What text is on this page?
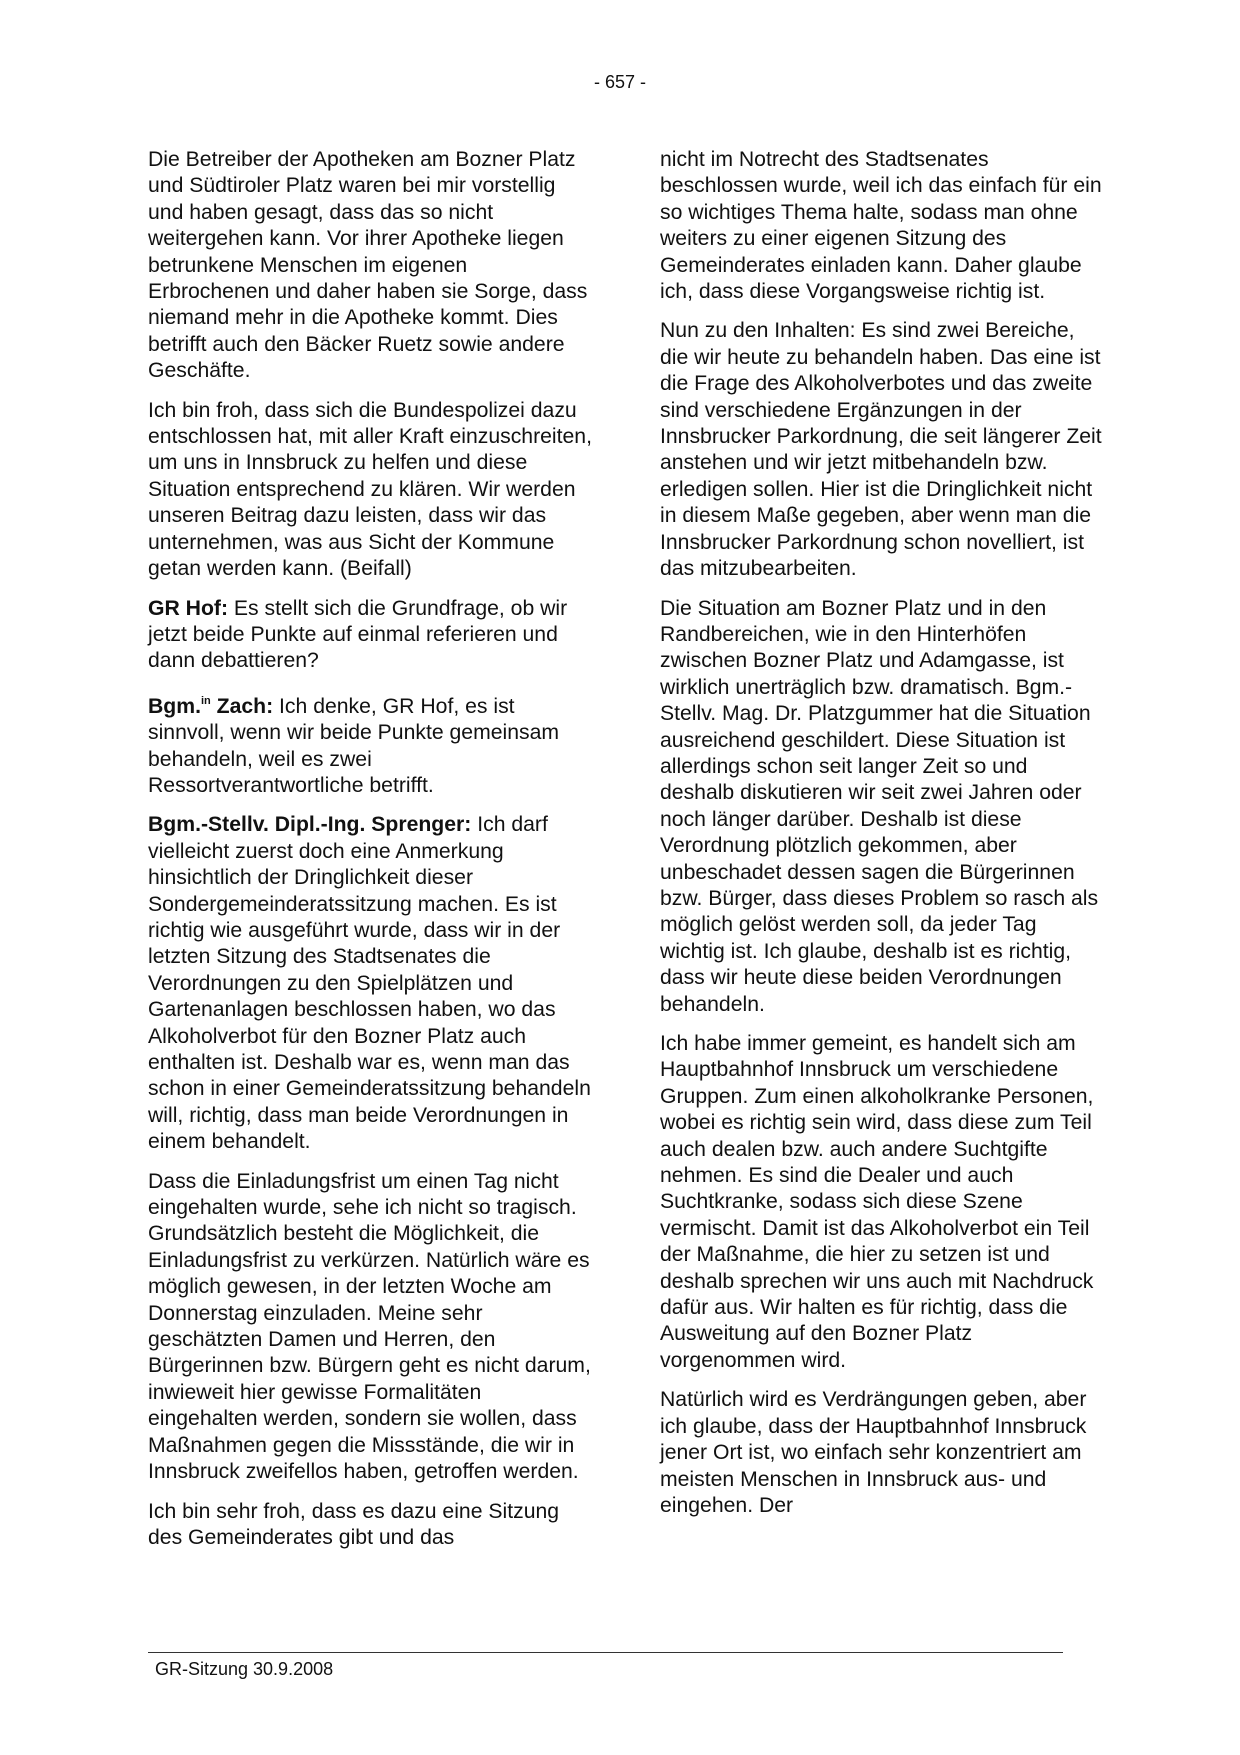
- 657 -

Die Betreiber der Apotheken am Bozner Platz und Südtiroler Platz waren bei mir vorstellig und haben gesagt, dass das so nicht weitergehen kann. Vor ihrer Apotheke liegen betrunkene Menschen im eigenen Erbrochenen und daher haben sie Sorge, dass niemand mehr in die Apotheke kommt. Dies betrifft auch den Bäcker Ruetz sowie andere Geschäfte.

Ich bin froh, dass sich die Bundespolizei dazu entschlossen hat, mit aller Kraft einzuschreiten, um uns in Innsbruck zu helfen und diese Situation entsprechend zu klären. Wir werden unseren Beitrag dazu leisten, dass wir das unternehmen, was aus Sicht der Kommune getan werden kann. (Beifall)

GR Hof: Es stellt sich die Grundfrage, ob wir jetzt beide Punkte auf einmal referieren und dann debattieren?

Bgm.$^{in}$ Zach: Ich denke, GR Hof, es ist sinnvoll, wenn wir beide Punkte gemeinsam behandeln, weil es zwei Ressortverantwortliche betrifft.

Bgm.-Stellv. Dipl.-Ing. Sprenger: Ich darf vielleicht zuerst doch eine Anmerkung hinsichtlich der Dringlichkeit dieser Sondergemeinderatssitzung machen. Es ist richtig wie ausgeführt wurde, dass wir in der letzten Sitzung des Stadtsenates die Verordnungen zu den Spielplätzen und Gartenanlagen beschlossen haben, wo das Alkoholverbot für den Bozner Platz auch enthalten ist. Deshalb war es, wenn man das schon in einer Gemeinderatssitzung behandeln will, richtig, dass man beide Verordnungen in einem behandelt.

Dass die Einladungsfrist um einen Tag nicht eingehalten wurde, sehe ich nicht so tragisch. Grundsätzlich besteht die Möglichkeit, die Einladungsfrist zu verkürzen. Natürlich wäre es möglich gewesen, in der letzten Woche am Donnerstag einzuladen. Meine sehr geschätzten Damen und Herren, den Bürgerinnen bzw. Bürgern geht es nicht darum, inwieweit hier gewisse Formalitäten eingehalten werden, sondern sie wollen, dass Maßnahmen gegen die Missstände, die wir in Innsbruck zweifellos haben, getroffen werden.

Ich bin sehr froh, dass es dazu eine Sitzung des Gemeinderates gibt und das

nicht im Notrecht des Stadtsenates beschlossen wurde, weil ich das einfach für ein so wichtiges Thema halte, sodass man ohne weiters zu einer eigenen Sitzung des Gemeinderates einladen kann. Daher glaube ich, dass diese Vorgangsweise richtig ist.

Nun zu den Inhalten: Es sind zwei Bereiche, die wir heute zu behandeln haben. Das eine ist die Frage des Alkoholverbotes und das zweite sind verschiedene Ergänzungen in der Innsbrucker Parkordnung, die seit längerer Zeit anstehen und wir jetzt mitbehandeln bzw. erledigen sollen. Hier ist die Dringlichkeit nicht in diesem Maße gegeben, aber wenn man die Innsbrucker Parkordnung schon novelliert, ist das mitzubearbeiten.

Die Situation am Bozner Platz und in den Randbereichen, wie in den Hinterhöfen zwischen Bozner Platz und Adamgasse, ist wirklich unerträglich bzw. dramatisch. Bgm.-Stellv. Mag. Dr. Platzgummer hat die Situation ausreichend geschildert. Diese Situation ist allerdings schon seit langer Zeit so und deshalb diskutieren wir seit zwei Jahren oder noch länger darüber. Deshalb ist diese Verordnung plötzlich gekommen, aber unbeschadet dessen sagen die Bürgerinnen bzw. Bürger, dass dieses Problem so rasch als möglich gelöst werden soll, da jeder Tag wichtig ist. Ich glaube, deshalb ist es richtig, dass wir heute diese beiden Verordnungen behandeln.

Ich habe immer gemeint, es handelt sich am Hauptbahnhof Innsbruck um verschiedene Gruppen. Zum einen alkoholkranke Personen, wobei es richtig sein wird, dass diese zum Teil auch dealen bzw. auch andere Suchtgifte nehmen. Es sind die Dealer und auch Suchtkranke, sodass sich diese Szene vermischt. Damit ist das Alkoholverbot ein Teil der Maßnahme, die hier zu setzen ist und deshalb sprechen wir uns auch mit Nachdruck dafür aus. Wir halten es für richtig, dass die Ausweitung auf den Bozner Platz vorgenommen wird.

Natürlich wird es Verdrängungen geben, aber ich glaube, dass der Hauptbahnhof Innsbruck jener Ort ist, wo einfach sehr konzentriert am meisten Menschen in Innsbruck aus- und eingehen. Der

GR-Sitzung 30.9.2008
